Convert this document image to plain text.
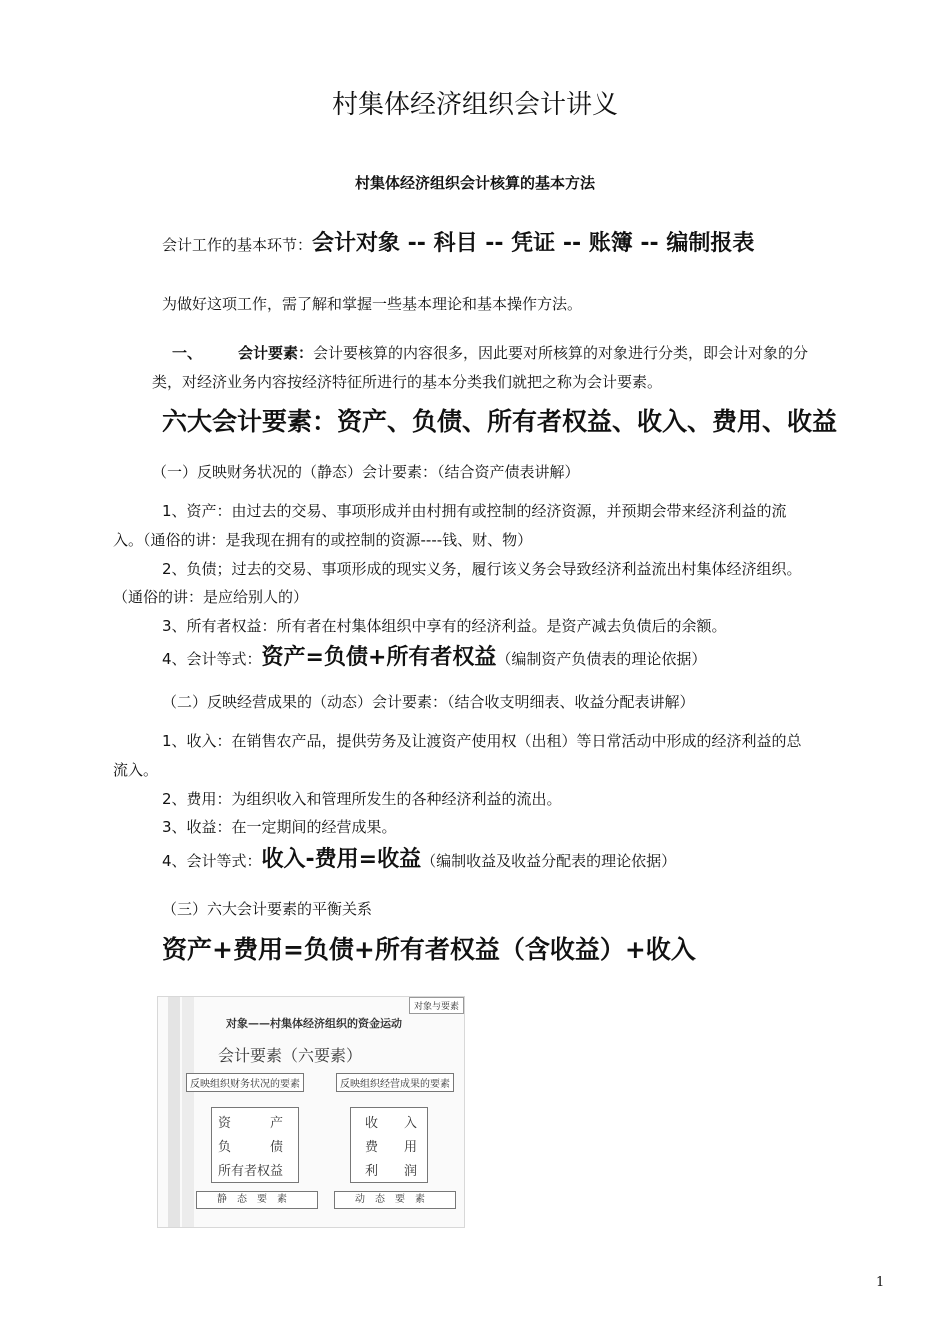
村集体经济组织会计讲义
村集体经济组织会计核算的基本方法
会计工作的基本环节：会计对象 -- 科目 -- 凭证 -- 账簿 -- 编制报表
为做好这项工作，需了解和掌握一些基本理论和基本操作方法。
一、 会计要素：会计要核算的内容很多，因此要对所核算的对象进行分类，即会计对象的分
类，对经济业务内容按经济特征所进行的基本分类我们就把之称为会计要素。
六大会计要素：资产、负债、所有者权益、收入、费用、收益
（一）反映财务状况的（静态）会计要素：（结合资产债表讲解）
1、资产：由过去的交易、事项形成并由村拥有或控制的经济资源，并预期会带来经济利益的流
入。（通俗的讲：是我现在拥有的或控制的资源----钱、财、物）
2、负债；过去的交易、事项形成的现实义务，履行该义务会导致经济利益流出村集体经济组织。
（通俗的讲：是应给别人的）
3、所有者权益：所有者在村集体组织中享有的经济利益。是资产减去负债后的余额。
4、会计等式：资产=负债+所有者权益（编制资产负债表的理论依据）
（二）反映经营成果的（动态）会计要素：（结合收支明细表、收益分配表讲解）
1、收入：在销售农产品，提供劳务及让渡资产使用权（出租）等日常活动中形成的经济利益的总
流入。
2、费用：为组织收入和管理所发生的各种经济利益的流出。
3、收益：在一定期间的经营成果。
4、会计等式：收入-费用=收益（编制收益及收益分配表的理论依据）
（三）六大会计要素的平衡关系
资产+费用=负债+所有者权益（含收益）+收入
对象与要素
对象——村集体经济组织的资金运动
会计要素（六要素）
反映组织财务状况的要素	反映组织经营成果的要素
资　　　产
负　　　债
所有者权益
收　　入
费　　用
利　　润
静态要素	动态要素
1
